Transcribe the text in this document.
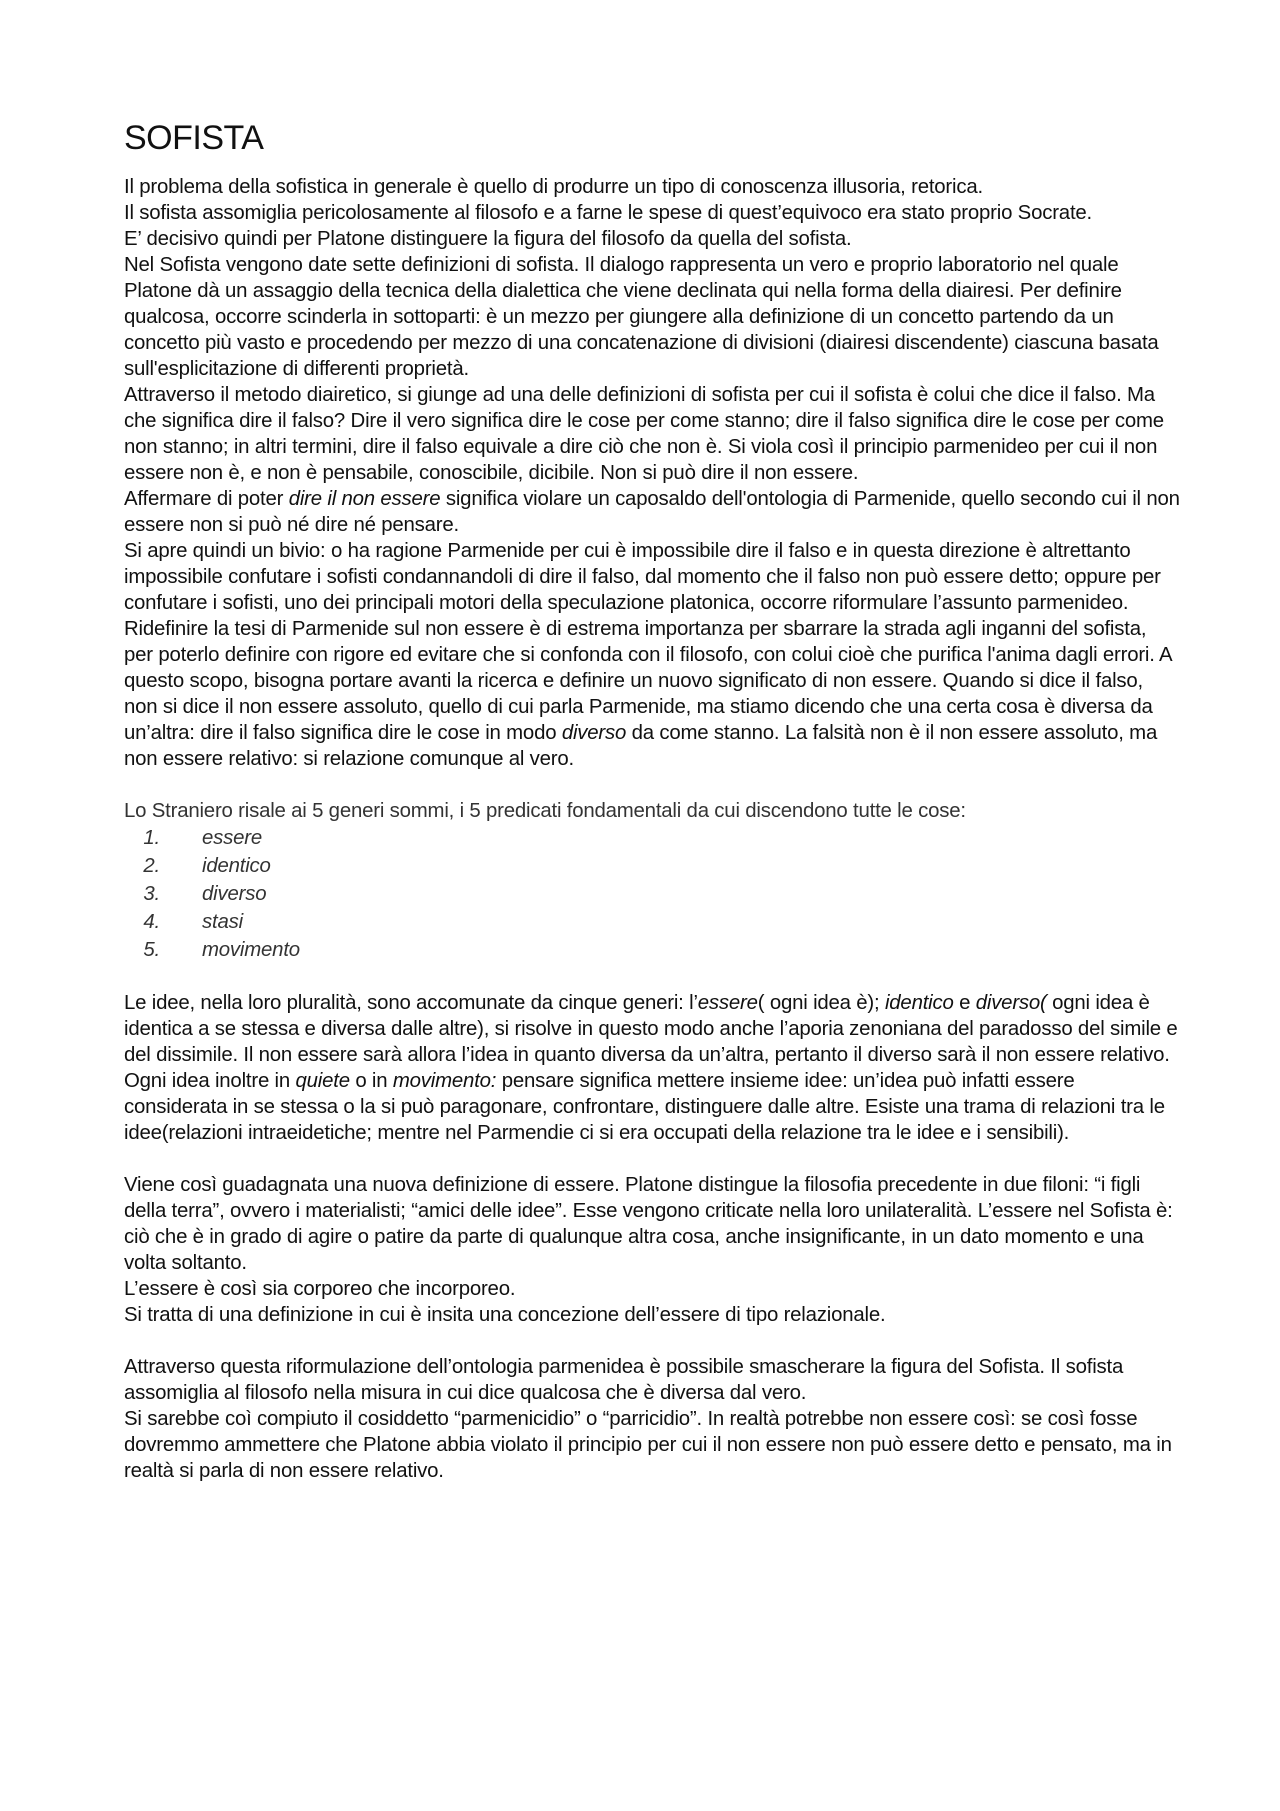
SOFISTA

Il problema della sofistica in generale è quello di produrre un tipo di conoscenza illusoria, retorica.

Il sofista assomiglia pericolosamente al filosofo e a farne le spese di quest’equivoco era stato proprio Socrate.

E’ decisivo quindi per Platone distinguere la figura del filosofo da quella del sofista.

Nel Sofista vengono date sette definizioni di sofista. Il dialogo rappresenta un vero e proprio laboratorio nel quale Platone dà un assaggio della tecnica della dialettica che viene declinata qui nella forma della diairesi. Per definire qualcosa, occorre scinderla in sottoparti: è un mezzo per giungere alla definizione di un concetto partendo da un concetto più vasto e procedendo per mezzo di una concatenazione di divisioni (diairesi discendente) ciascuna basata sull'esplicitazione di differenti proprietà.

Attraverso il metodo diairetico, si giunge ad una delle definizioni di sofista per cui il sofista è colui che dice il falso. Ma che significa dire il falso? Dire il vero significa dire le cose per come stanno; dire il falso significa dire le cose per come non stanno; in altri termini, dire il falso equivale a dire ciò che non è. Si viola così il principio parmenideo per cui il non essere non è, e non è pensabile, conoscibile, dicibile. Non si può dire il non essere.

Affermare di poter dire il non essere significa violare un caposaldo dell'ontologia di Parmenide, quello secondo cui il non essere non si può né dire né pensare.

Si apre quindi un bivio: o ha ragione Parmenide per cui è impossibile dire il falso e in questa direzione è altrettanto impossibile confutare i sofisti condannandoli di dire il falso, dal momento che il falso non può essere detto; oppure per confutare i sofisti, uno dei principali motori della speculazione platonica, occorre riformulare l’assunto parmenideo.

Ridefinire la tesi di Parmenide sul non essere è di estrema importanza per sbarrare la strada agli inganni del sofista, per poterlo definire con rigore ed evitare che si confonda con il filosofo, con colui cioè che purifica l'anima dagli errori. A questo scopo, bisogna portare avanti la ricerca e definire un nuovo significato di non essere. Quando si dice il falso, non si dice il non essere assoluto, quello di cui parla Parmenide, ma stiamo dicendo che una certa cosa è diversa da un’altra: dire il falso significa dire le cose in modo diverso da come stanno. La falsità non è il non essere assoluto, ma non essere relativo: si relazione comunque al vero.

Lo Straniero risale ai 5 generi sommi, i 5 predicati fondamentali da cui discendono tutte le cose:

1.	essere
2.	identico
3.	diverso
4.	stasi
5.	movimento

Le idee, nella loro pluralità, sono accomunate da cinque generi: l’essere( ogni idea è); identico e diverso( ogni idea è identica a se stessa e diversa dalle altre), si risolve in questo modo anche l’aporia zenoniana del paradosso del simile e del dissimile. Il non essere sarà allora l’idea in quanto diversa da un’altra, pertanto il diverso sarà il non essere relativo.

Ogni idea inoltre in quiete o in movimento: pensare significa mettere insieme idee: un’idea può infatti essere considerata in se stessa o la si può paragonare, confrontare, distinguere dalle altre. Esiste una trama di relazioni tra le idee(relazioni intraeidetiche; mentre nel Parmendie ci si era occupati della relazione tra le idee e i sensibili).

Viene così guadagnata una nuova definizione di essere. Platone distingue la filosofia precedente in due filoni: “i figli della terra”, ovvero i materialisti; “amici delle idee”. Esse vengono criticate nella loro unilateralità. L’essere nel Sofista è: ciò che è in grado di agire o patire da parte di qualunque altra cosa, anche insignificante, in un dato momento e una volta soltanto.

L’essere è così sia corporeo che incorporeo.

Si tratta di una definizione in cui è insita una concezione dell’essere di tipo relazionale.

Attraverso questa riformulazione dell’ontologia parmenidea è possibile smascherare la figura del Sofista. Il sofista assomiglia al filosofo nella misura in cui dice qualcosa che è diversa dal vero.

Si sarebbe coì compiuto il cosiddetto “parmenicidio” o “parricidio”. In realtà potrebbe non essere così: se così fosse dovremmo ammettere che Platone abbia violato il principio per cui il non essere non può essere detto e pensato, ma in realtà si parla di non essere relativo.
